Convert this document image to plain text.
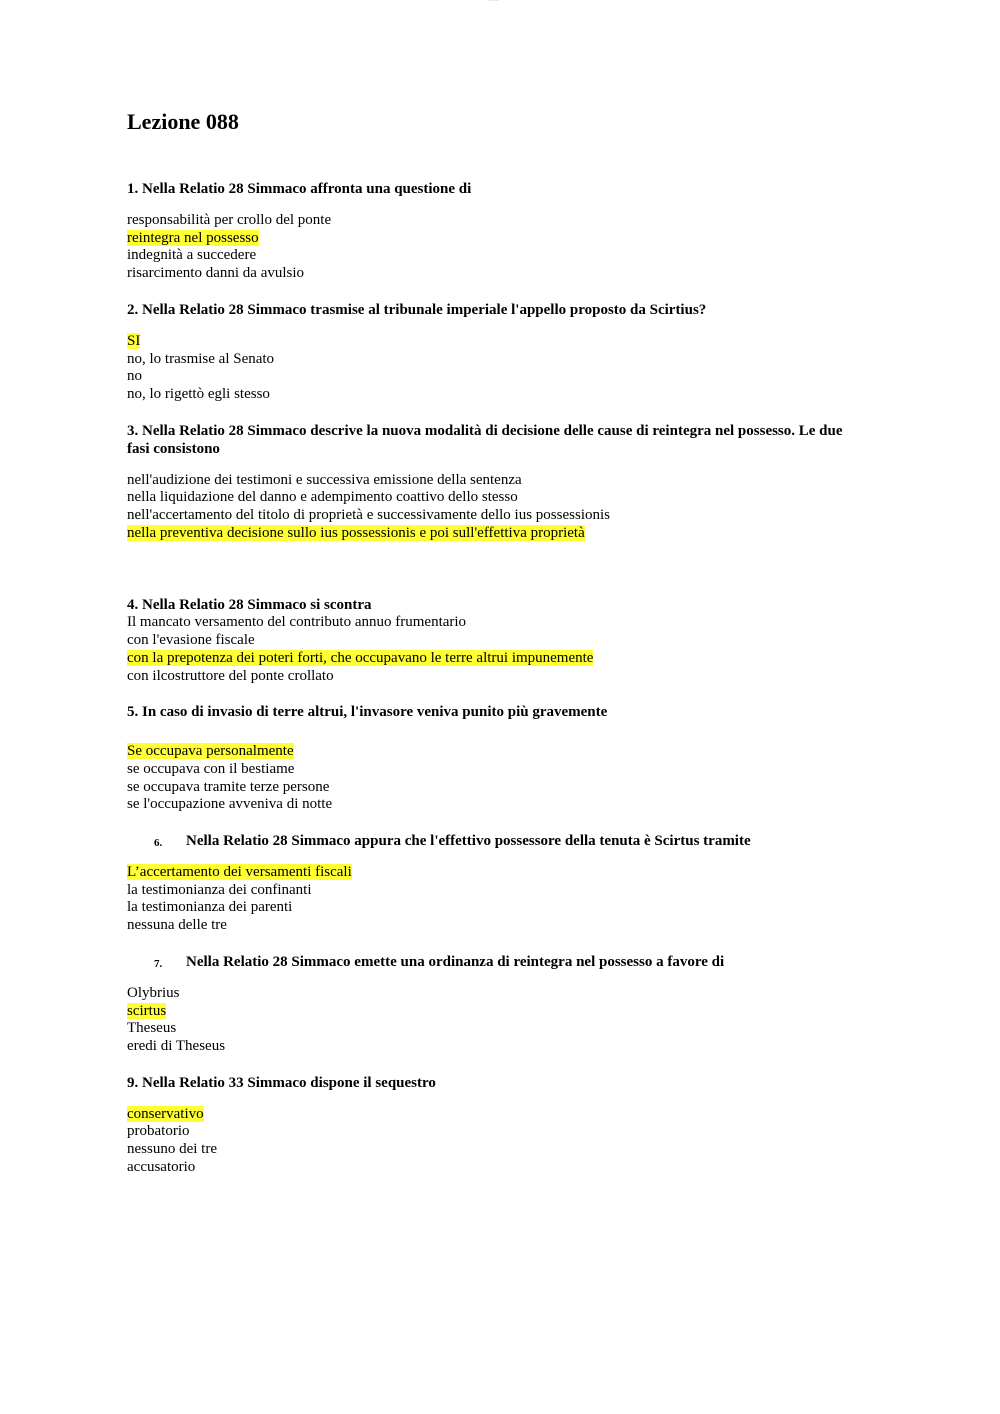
— — —
Lezione 088
1. Nella Relatio 28 Simmaco affronta una questione di
responsabilità per crollo del ponte
reintegra nel possesso
indegnità a succedere
risarcimento danni da avulsio
2. Nella Relatio 28 Simmaco trasmise al tribunale imperiale l'appello proposto da Scirtius?
SI
no, lo trasmise al Senato
no
no, lo rigettò egli stesso
3. Nella Relatio 28 Simmaco descrive la nuova modalità di decisione delle cause di reintegra nel possesso. Le due fasi consistono
nell'audizione dei testimoni e successiva emissione della sentenza
nella liquidazione del danno e adempimento coattivo dello stesso
nell'accertamento del titolo di proprietà e successivamente dello ius possessionis
nella preventiva decisione sullo ius possessionis e poi sull'effettiva proprietà
4. Nella Relatio 28 Simmaco si scontra
Il mancato versamento del contributo annuo frumentario
con l'evasione fiscale
con la prepotenza dei poteri forti, che occupavano le terre altrui impunemente
con ilcostruttore del ponte crollato
5. In caso di invasio di terre altrui, l'invasore veniva punito più gravemente
Se occupava personalmente
se occupava con il bestiame
se occupava tramite terze persone
se l'occupazione avveniva di notte
6. Nella Relatio 28 Simmaco appura che l'effettivo possessore della tenuta è Scirtus tramite
L’accertamento dei versamenti fiscali
la testimonianza dei confinanti
la testimonianza dei parenti
nessuna delle tre
7. Nella Relatio 28 Simmaco emette una ordinanza di reintegra nel possesso a favore di
Olybrius
scirtus
Theseus
eredi di Theseus
9. Nella Relatio 33 Simmaco dispone il sequestro
conservativo
probatorio
nessuno dei tre
accusatorio
